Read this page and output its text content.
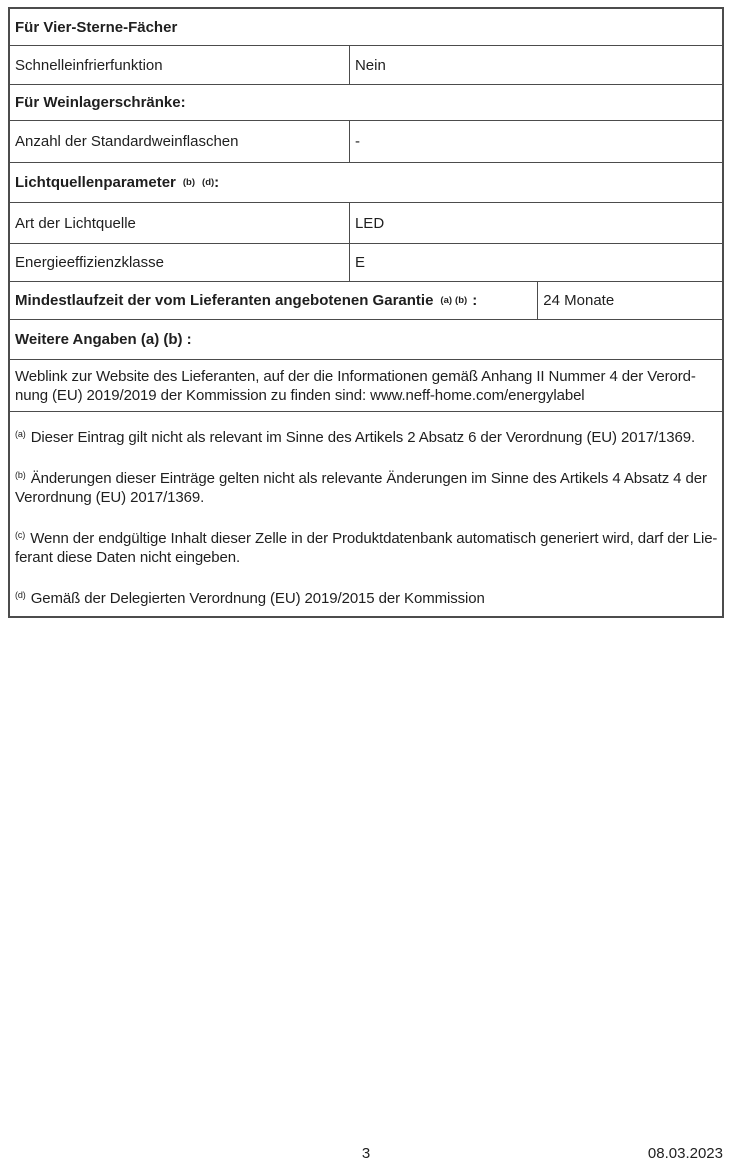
Für Vier-Sterne-Fächer
Schnelleinfrierfunktion	Nein
Für Weinlagerschränke:
Anzahl der Standardweinflaschen	-
Lichtquellenparameter (b) (d) :
Art der Lichtquelle	LED
Energieeffizienzklasse	E
Mindestlaufzeit der vom Lieferanten angebotenen Garantie (a) (b) :	24 Monate
Weitere Angaben (a) (b) :
Weblink zur Website des Lieferanten, auf der die Informationen gemäß Anhang II Nummer 4 der Verord-
nung (EU) 2019/2019 der Kommission zu finden sind: www.neff-home.com/energylabel

$^{(a)}$ Dieser Eintrag gilt nicht als relevant im Sinne des Artikels 2 Absatz 6 der Verordnung (EU) 2017/1369.

$^{(b)}$ Änderungen dieser Einträge gelten nicht als relevante Änderungen im Sinne des Artikels 4 Absatz 4 der
Verordnung (EU) 2017/1369.

$^{(c)}$ Wenn der endgültige Inhalt dieser Zelle in der Produktdatenbank automatisch generiert wird, darf der Lie-
ferant diese Daten nicht eingeben.

$^{(d)}$ Gemäß der Delegierten Verordnung (EU) 2019/2015 der Kommission

3	08.03.2023
